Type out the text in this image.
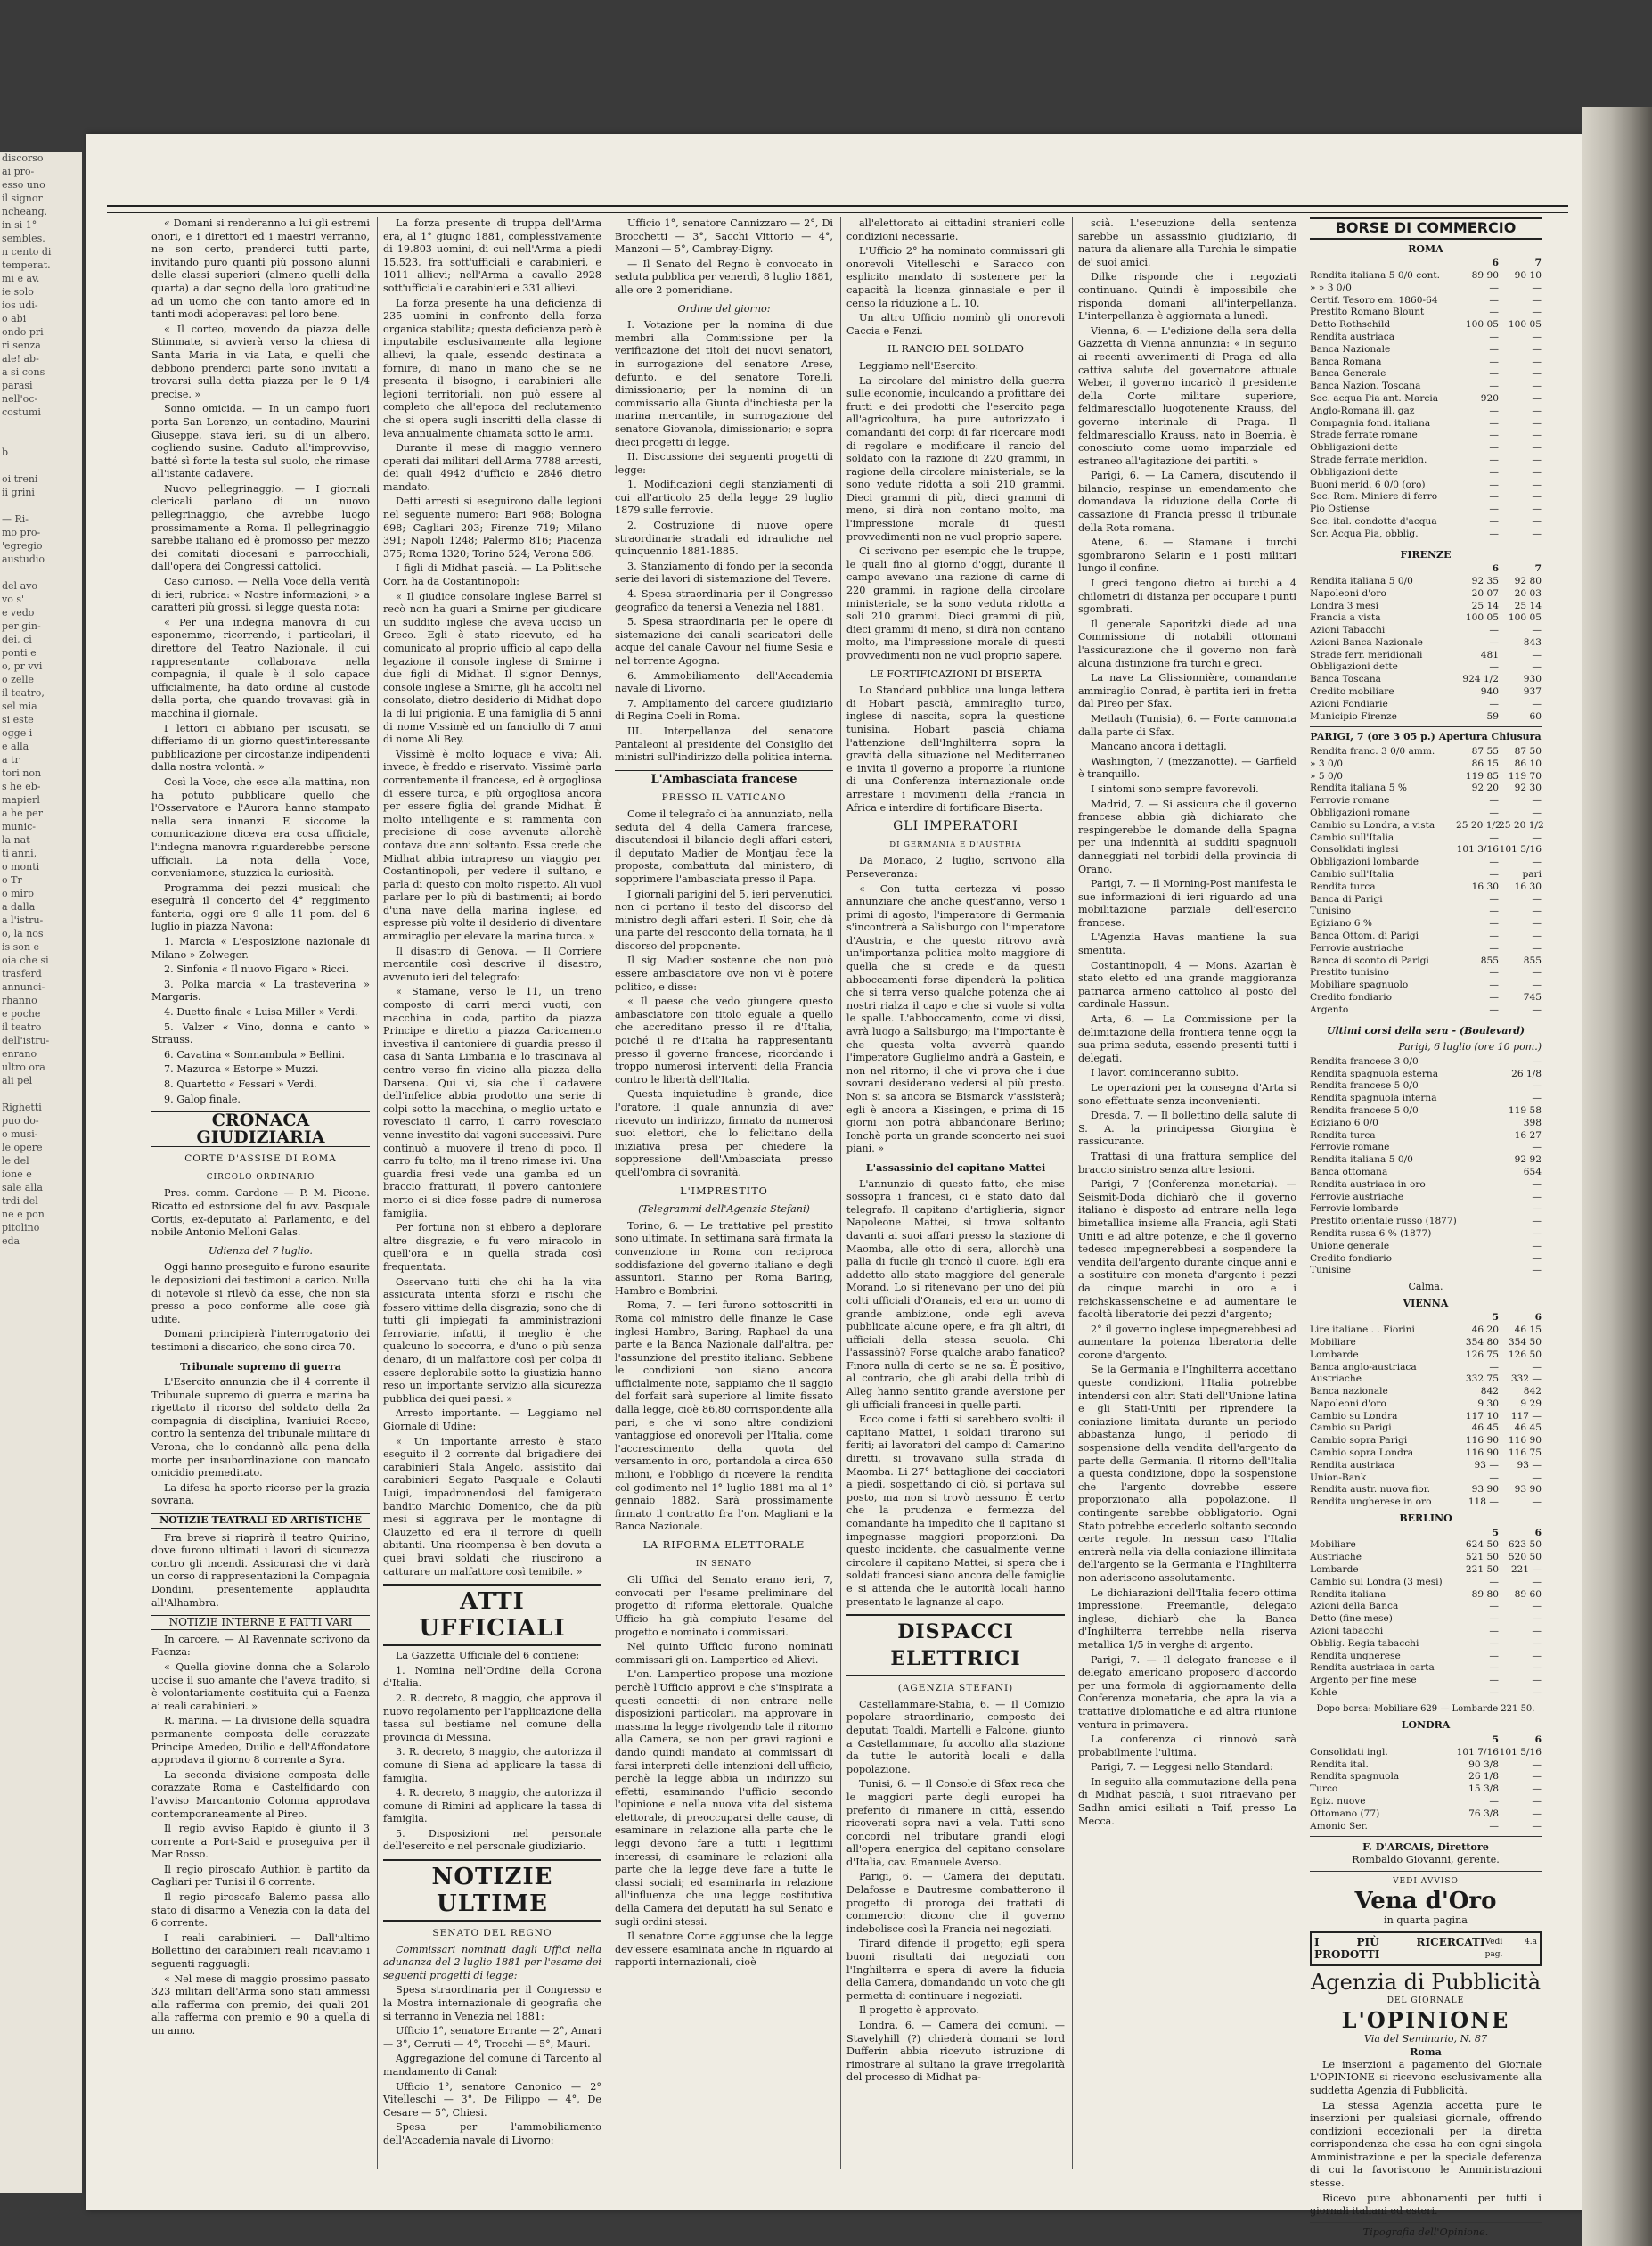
discorso
ai pro-
esso uno
il signor
ncheang.
in si 1°
sembles.
n cento di
temperat.
mi e av.
ie solo
ios udi-
o abi
ondo pri
ri senza
ale! ab-
a si cons
parasi
nell'oc-
costumi

b

oi treni
ii grini

— Ri-
mo pro-
'egregio
austudio

del avo
vo s'
e vedo
per gin-
dei, ci
ponti e
o, pr vvi
o zelle
il teatro,
sel mia
si este
ogge i
e alla
a tr
tori non
s he eb-
mapierl
a he per
munic-
la nat
ti anni,
o monti
o Tr
o miro
a dalla
a l'istru-
o, la nos
is son e
oia che si
trasferd
annunci-
rhanno
e poche
il teatro
dell'istru-
enrano
ultro ora
ali pel

Righetti
puo do-
o musi-
le opere
le del
ione e
sale alla
trdi del
ne e pon
pitolino
eda

« Domani si renderanno a lui gli estremi onori, e i direttori ed i maestri verranno, ne son certo, prenderci tutti parte, invitando puro quanti più possono alunni delle classi superiori (almeno quelli della quarta) a dar segno della loro gratitudine ad un uomo che con tanto amore ed in tanti modi adoperavasi pel loro bene.

« Il corteo, movendo da piazza delle Stimmate, si avvierà verso la chiesa di Santa Maria in via Lata, e quelli che debbono prenderci parte sono invitati a trovarsi sulla detta piazza per le 9 1/4 precise. »

Sonno omicida. — In un campo fuori porta San Lorenzo, un contadino, Maurini Giuseppe, stava ieri, su di un albero, cogliendo susine. Caduto all'improvviso, batté sì forte la testa sul suolo, che rimase all'istante cadavere.

Nuovo pellegrinaggio. — I giornali clericali parlano di un nuovo pellegrinaggio, che avrebbe luogo prossimamente a Roma. Il pellegrinaggio sarebbe italiano ed è promosso per mezzo dei comitati diocesani e parrocchiali, dall'opera dei Congressi cattolici.

Caso curioso. — Nella Voce della verità di ieri, rubrica: « Nostre informazioni, » a caratteri più grossi, si legge questa nota:

« Per una indegna manovra di cui esponemmo, ricorrendo, i particolari, il direttore del Teatro Nazionale, il cui rappresentante collaborava nella compagnia, il quale è il solo capace ufficialmente, ha dato ordine al custode della porta, che quando trovavasi già in macchina il giornale.

I lettori ci abbiano per iscusati, se differiamo di un giorno quest'interessante pubblicazione per circostanze indipendenti dalla nostra volontà. »

Così la Voce, che esce alla mattina, non ha potuto pubblicare quello che l'Osservatore e l'Aurora hanno stampato nella sera innanzi. E siccome la comunicazione diceva era cosa ufficiale, l'indegna manovra riguarderebbe persone ufficiali. La nota della Voce, conveniamone, stuzzica la curiosità.

Programma dei pezzi musicali che eseguirà il concerto del 4° reggimento fanteria, oggi ore 9 alle 11 pom. del 6 luglio in piazza Navona:

1. Marcia « L'esposizione nazionale di Milano » Zolweger.

2. Sinfonia « Il nuovo Figaro » Ricci.

3. Polka marcia « La trasteverina » Margaris.

4. Duetto finale « Luisa Miller » Verdi.

5. Valzer « Vino, donna e canto » Strauss.

6. Cavatina « Sonnambula » Bellini.

7. Mazurca « Estorpe » Muzzi.

8. Quartetto « Fessari » Verdi.

9. Galop finale.

CRONACA GIUDIZIARIA
CORTE D'ASSISE DI ROMA
CIRCOLO ORDINARIO

Pres. comm. Cardone — P. M. Picone. Ricatto ed estorsione del fu avv. Pasquale Cortis, ex-deputato al Parlamento, e del nobile Antonio Melloni Galas.

Udienza del 7 luglio.

Oggi hanno proseguito e furono esaurite le deposizioni dei testimoni a carico. Nulla di notevole si rilevò da esse, che non sia presso a poco conforme alle cose già udite.

Domani principierà l'interrogatorio dei testimoni a discarico, che sono circa 70.

Tribunale supremo di guerra

L'Esercito annunzia che il 4 corrente il Tribunale supremo di guerra e marina ha rigettato il ricorso del soldato della 2a compagnia di disciplina, Ivaniuici Rocco, contro la sentenza del tribunale militare di Verona, che lo condannò alla pena della morte per insubordinazione con mancato omicidio premeditato.

La difesa ha sporto ricorso per la grazia sovrana.

NOTIZIE TEATRALI ED ARTISTICHE

Fra breve si riaprirà il teatro Quirino, dove furono ultimati i lavori di sicurezza contro gli incendi. Assicurasi che vi darà un corso di rappresentazioni la Compagnia Dondini, presentemente applaudita all'Alhambra.

NOTIZIE INTERNE E FATTI VARI

In carcere. — Al Ravennate scrivono da Faenza:

« Quella giovine donna che a Solarolo uccise il suo amante che l'aveva tradito, si è volontariamente costituita qui a Faenza ai reali carabinieri. »

R. marina. — La divisione della squadra permanente composta delle corazzate Principe Amedeo, Duilio e dell'Affondatore approdava il giorno 8 corrente a Syra.

La seconda divisione composta delle corazzate Roma e Castelfidardo con l'avviso Marcantonio Colonna approdava contemporaneamente al Pireo.

Il regio avviso Rapido è giunto il 3 corrente a Port-Said e proseguiva per il Mar Rosso.

Il regio piroscafo Authion è partito da Cagliari per Tunisi il 6 corrente.

Il regio piroscafo Balemo passa allo stato di disarmo a Venezia con la data del 6 corrente.

I reali carabinieri. — Dall'ultimo Bollettino dei carabinieri reali ricaviamo i seguenti ragguagli:

« Nel mese di maggio prossimo passato 323 militari dell'Arma sono stati ammessi alla rafferma con premio, dei quali 201 alla rafferma con premio e 90 a quella di un anno.

La forza presente di truppa dell'Arma era, al 1° giugno 1881, complessivamente di 19.803 uomini, di cui nell'Arma a piedi 15.523, fra sott'ufficiali e carabinieri, e 1011 allievi; nell'Arma a cavallo 2928 sott'ufficiali e carabinieri e 331 allievi.

La forza presente ha una deficienza di 235 uomini in confronto della forza organica stabilita; questa deficienza però è imputabile esclusivamente alla legione allievi, la quale, essendo destinata a fornire, di mano in mano che se ne presenta il bisogno, i carabinieri alle legioni territoriali, non può essere al completo che all'epoca del reclutamento che si opera sugli inscritti della classe di leva annualmente chiamata sotto le armi.

Durante il mese di maggio vennero operati dai militari dell'Arma 7788 arresti, dei quali 4942 d'ufficio e 2846 dietro mandato.

Detti arresti si eseguirono dalle legioni nel seguente numero: Bari 968; Bologna 698; Cagliari 203; Firenze 719; Milano 391; Napoli 1248; Palermo 816; Piacenza 375; Roma 1320; Torino 524; Verona 586.

I figli di Midhat pascià. — La Politische Corr. ha da Costantinopoli:

« Il giudice consolare inglese Barrel si recò non ha guari a Smirne per giudicare un suddito inglese che aveva ucciso un Greco. Egli è stato ricevuto, ed ha comunicato al proprio ufficio al capo della legazione il console inglese di Smirne i due figli di Midhat. Il signor Dennys, console inglese a Smirne, gli ha accolti nel consolato, dietro desiderio di Midhat dopo la di lui prigionia. E una famiglia di 5 anni di nome Vissimè ed un fanciullo di 7 anni di nome Ali Bey.

Vissimè è molto loquace e viva; Ali, invece, è freddo e riservato. Vissimè parla correntemente il francese, ed è orgogliosa di essere turca, e più orgogliosa ancora per essere figlia del grande Midhat. È molto intelligente e si rammenta con precisione di cose avvenute allorchè contava due anni soltanto. Essa crede che Midhat abbia intrapreso un viaggio per Costantinopoli, per vedere il sultano, e parla di questo con molto rispetto. Ali vuol parlare per lo più di bastimenti; ai bordo d'una nave della marina inglese, ed espresse più volte il desiderio di diventare ammiraglio per elevare la marina turca. »

Il disastro di Genova. — Il Corriere mercantile così descrive il disastro, avvenuto ieri del telegrafo:

« Stamane, verso le 11, un treno composto di carri merci vuoti, con macchina in coda, partito da piazza Principe e diretto a piazza Caricamento investiva il cantoniere di guardia presso il casa di Santa Limbania e lo trascinava al centro verso fin vicino alla piazza della Darsena. Qui vi, sia che il cadavere dell'infelice abbia prodotto una serie di colpi sotto la macchina, o meglio urtato e rovesciato il carro, il carro rovesciato venne investito dai vagoni successivi. Pure continuò a muovere il treno di poco. Il carro fu tolto, ma il treno rimase ivi. Una guardia fresi vede una gamba ed un braccio fratturati, il povero cantoniere morto ci si dice fosse padre di numerosa famiglia.

Per fortuna non si ebbero a deplorare altre disgrazie, e fu vero miracolo in quell'ora e in quella strada così frequentata.

Osservano tutti che chi ha la vita assicurata intenta sforzi e rischi che fossero vittime della disgrazia; sono che di tutti gli impiegati fa amministrazioni ferroviarie, infatti, il meglio è che qualcuno lo soccorra, e d'uno o più senza denaro, di un malfattore così per colpa di essere deplorabile sotto la giustizia hanno reso un importante servizio alla sicurezza pubblica dei quei paesi. »

Arresto importante. — Leggiamo nel Giornale di Udine:

« Un importante arresto è stato eseguito il 2 corrente dal brigadiere dei carabinieri Stala Angelo, assistito dai carabinieri Segato Pasquale e Colauti Luigi, impadronendosi del famigerato bandito Marchio Domenico, che da più mesi si aggirava per le montagne di Clauzetto ed era il terrore di quelli abitanti. Una ricompensa è ben dovuta a quei bravi soldati che riuscirono a catturare un malfattore così temibile. »

ATTI UFFICIALI

La Gazzetta Ufficiale del 6 contiene:

1. Nomina nell'Ordine della Corona d'Italia.

2. R. decreto, 8 maggio, che approva il nuovo regolamento per l'applicazione della tassa sul bestiame nel comune della provincia di Messina.

3. R. decreto, 8 maggio, che autorizza il comune di Siena ad applicare la tassa di famiglia.

4. R. decreto, 8 maggio, che autorizza il comune di Rimini ad applicare la tassa di famiglia.

5. Disposizioni nel personale dell'esercito e nel personale giudiziario.

NOTIZIE ULTIME
SENATO DEL REGNO

Commissari nominati dagli Uffici nella adunanza del 2 luglio 1881 per l'esame dei seguenti progetti di legge:

Spesa straordinaria per il Congresso e la Mostra internazionale di geografia che si terranno in Venezia nel 1881:

Ufficio 1°, senatore Errante — 2°, Amari — 3°, Cerruti — 4°, Trocchi — 5°, Mauri.

Aggregazione del comune di Tarcento al mandamento di Canal:

Ufficio 1°, senatore Canonico — 2° Vitelleschi — 3°, De Filippo — 4°, De Cesare — 5°, Chiesi.

Spesa per l'ammobiliamento dell'Accademia navale di Livorno:

Ufficio 1°, senatore Cannizzaro — 2°, Di Brocchetti — 3°, Sacchi Vittorio — 4°, Manzoni — 5°, Cambray-Digny.

— Il Senato del Regno è convocato in seduta pubblica per venerdì, 8 luglio 1881, alle ore 2 pomeridiane.

Ordine del giorno:

I. Votazione per la nomina di due membri alla Commissione per la verificazione dei titoli dei nuovi senatori, in surrogazione del senatore Arese, defunto, e del senatore Torelli, dimissionario; per la nomina di un commissario alla Giunta d'inchiesta per la marina mercantile, in surrogazione del senatore Giovanola, dimissionario; e sopra dieci progetti di legge.

II. Discussione dei seguenti progetti di legge:

1. Modificazioni degli stanziamenti di cui all'articolo 25 della legge 29 luglio 1879 sulle ferrovie.

2. Costruzione di nuove opere straordinarie stradali ed idrauliche nel quinquennio 1881-1885.

3. Stanziamento di fondo per la seconda serie dei lavori di sistemazione del Tevere.

4. Spesa straordinaria per il Congresso geografico da tenersi a Venezia nel 1881.

5. Spesa straordinaria per le opere di sistemazione dei canali scaricatori delle acque del canale Cavour nel fiume Sesia e nel torrente Agogna.

6. Ammobiliamento dell'Accademia navale di Livorno.

7. Ampliamento del carcere giudiziario di Regina Coeli in Roma.

III. Interpellanza del senatore Pantaleoni al presidente del Consiglio dei ministri sull'indirizzo della politica interna.

L'Ambasciata francese
PRESSO IL VATICANO

Come il telegrafo ci ha annunziato, nella seduta del 4 della Camera francese, discutendosi il bilancio degli affari esteri, il deputato Madier de Montjau fece la proposta, combattuta dal ministero, di sopprimere l'ambasciata presso il Papa.

I giornali parigini del 5, ieri pervenutici, non ci portano il testo del discorso del ministro degli affari esteri. Il Soir, che dà una parte del resoconto della tornata, ha il discorso del proponente.

Il sig. Madier sostenne che non può essere ambasciatore ove non vi è potere politico, e disse:

« Il paese che vedo giungere questo ambasciatore con titolo eguale a quello che accreditano presso il re d'Italia, poiché il re d'Italia ha rappresentanti presso il governo francese, ricordando i troppo numerosi interventi della Francia contro le libertà dell'Italia.

Questa inquietudine è grande, dice l'oratore, il quale annunzia di aver ricevuto un indirizzo, firmato da numerosi suoi elettori, che lo felicitano della iniziativa presa per chiedere la soppressione dell'Ambasciata presso quell'ombra di sovranità.

L'IMPRESTITO
(Telegrammi dell'Agenzia Stefani)

Torino, 6. — Le trattative pel prestito sono ultimate. In settimana sarà firmata la convenzione in Roma con reciproca soddisfazione del governo italiano e degli assuntori. Stanno per Roma Baring, Hambro e Bombrini.

Roma, 7. — Ieri furono sottoscritti in Roma col ministro delle finanze le Case inglesi Hambro, Baring, Raphael da una parte e la Banca Nazionale dall'altra, per l'assunzione del prestito italiano. Sebbene le condizioni non siano ancora ufficialmente note, sappiamo che il saggio del forfait sarà superiore al limite fissato dalla legge, cioè 86,80 corrispondente alla pari, e che vi sono altre condizioni vantaggiose ed onorevoli per l'Italia, come l'accrescimento della quota del versamento in oro, portandola a circa 650 milioni, e l'obbligo di ricevere la rendita col godimento nel 1° luglio 1881 ma al 1° gennaio 1882. Sarà prossimamente firmato il contratto fra l'on. Magliani e la Banca Nazionale.

LA RIFORMA ELETTORALE
IN SENATO

Gli Uffici del Senato erano ieri, 7, convocati per l'esame preliminare del progetto di riforma elettorale. Qualche Ufficio ha già compiuto l'esame del progetto e nominato i commissari.

Nel quinto Ufficio furono nominati commissari gli on. Lampertico ed Alievi.

L'on. Lampertico propose una mozione perchè l'Ufficio approvi e che s'inspirata a questi concetti: di non entrare nelle disposizioni particolari, ma approvare in massima la legge rivolgendo tale il ritorno alla Camera, se non per gravi ragioni e dando quindi mandato ai commissari di farsi interpreti delle intenzioni dell'ufficio, perchè la legge abbia un indirizzo sui effetti, esaminando l'ufficio secondo l'opinione e nella nuova vita del sistema elettorale, di preoccuparsi delle cause, di esaminare in relazione alla parte che le leggi devono fare a tutti i legittimi interessi, di esaminare le relazioni alla parte che la legge deve fare a tutte le classi sociali; ed esaminarla in relazione all'influenza che una legge costitutiva della Camera dei deputati ha sul Senato e sugli ordini stessi.

Il senatore Corte aggiunse che la legge dev'essere esaminata anche in riguardo ai rapporti internazionali, cioè

all'elettorato ai cittadini stranieri colle condizioni necessarie.

L'Ufficio 2° ha nominato commissari gli onorevoli Vitelleschi e Saracco con esplicito mandato di sostenere per la capacità la licenza ginnasiale e per il censo la riduzione a L. 10.

Un altro Ufficio nominò gli onorevoli Caccia e Fenzi.

IL RANCIO DEL SOLDATO

Leggiamo nell'Esercito:

La circolare del ministro della guerra sulle economie, inculcando a profittare dei frutti e dei prodotti che l'esercito paga all'agricoltura, ha pure autorizzato i comandanti dei corpi di far ricercare modi di regolare e modificare il rancio del soldato con la razione di 220 grammi, in ragione della circolare ministeriale, se la sono vedute ridotta a soli 210 grammi. Dieci grammi di più, dieci grammi di meno, si dirà non contano molto, ma l'impressione morale di questi provvedimenti non ne vuol proprio sapere.

Ci scrivono per esempio che le truppe, le quali fino al giorno d'oggi, durante il campo avevano una razione di carne di 220 grammi, in ragione della circolare ministeriale, se la sono veduta ridotta a soli 210 grammi. Dieci grammi di più, dieci grammi di meno, si dirà non contano molto, ma l'impressione morale di questi provvedimenti non ne vuol proprio sapere.

LE FORTIFICAZIONI DI BISERTA

Lo Standard pubblica una lunga lettera di Hobart pascià, ammiraglio turco, inglese di nascita, sopra la questione tunisina. Hobart pascià chiama l'attenzione dell'Inghilterra sopra la gravità della situazione nel Mediterraneo e invita il governo a proporre la riunione di una Conferenza internazionale onde arrestare i movimenti della Francia in Africa e interdire di fortificare Biserta.

GLI IMPERATORI
DI GERMANIA E D'AUSTRIA

Da Monaco, 2 luglio, scrivono alla Perseveranza:

« Con tutta certezza vi posso annunziare che anche quest'anno, verso i primi di agosto, l'imperatore di Germania s'incontrerà a Salisburgo con l'imperatore d'Austria, e che questo ritrovo avrà un'importanza politica molto maggiore di quella che si crede e da questi abboccamenti forse dipenderà la politica che si terrà verso qualche potenza che ai nostri rialza il capo e che si vuole si volta le spalle. L'abboccamento, come vi dissi, avrà luogo a Salisburgo; ma l'importante è che questa volta avverrà quando l'imperatore Guglielmo andrà a Gastein, e non nel ritorno; il che vi prova che i due sovrani desiderano vedersi al più presto. Non si sa ancora se Bismarck v'assisterà; egli è ancora a Kissingen, e prima di 15 giorni non potrà abbandonare Berlino; Ionchè porta un grande sconcerto nei suoi piani. »

L'assassinio del capitano Mattei

L'annunzio di questo fatto, che mise sossopra i francesi, ci è stato dato dal telegrafo. Il capitano d'artiglieria, signor Napoleone Mattei, si trova soltanto davanti ai suoi affari presso la stazione di Maomba, alle otto di sera, allorchè una palla di fucile gli troncò il cuore. Egli era addetto allo stato maggiore del generale Morand. Lo si ritenevano per uno dei più colti ufficiali d'Oranais, ed era un uomo di grande ambizione, onde egli aveva pubblicate alcune opere, e fra gli altri, di ufficiali della stessa scuola. Chi l'assassinò? Forse qualche arabo fanatico? Finora nulla di certo se ne sa. È positivo, al contrario, che gli arabi della tribù di Alleg hanno sentito grande aversione per gli ufficiali francesi in quelle parti.

Ecco come i fatti si sarebbero svolti: il capitano Mattei, i soldati tirarono sui feriti; ai lavoratori del campo di Camarino diretti, si trovavano sulla strada di Maomba. Li 27° battaglione dei cacciatori a piedi, sospettando di ciò, si portava sul posto, ma non si trovò nessuno. È certo che la prudenza e fermezza del comandante ha impedito che il capitano si impegnasse maggiori proporzioni. Da questo incidente, che casualmente venne circolare il capitano Mattei, si spera che i soldati francesi siano ancora delle famiglie e si attenda che le autorità locali hanno presentato le lagnanze al capo.

DISPACCI ELETTRICI
(AGENZIA STEFANI)

Castellammare-Stabia, 6. — Il Comizio popolare straordinario, composto dei deputati Toaldi, Martelli e Falcone, giunto a Castellammare, fu accolto alla stazione da tutte le autorità locali e dalla popolazione.

Tunisi, 6. — Il Console di Sfax reca che le maggiori parte degli europei ha preferito di rimanere in città, essendo ricoverati sopra navi a vela. Tutti sono concordi nel tributare grandi elogi all'opera energica del capitano consolare d'Italia, cav. Emanuele Averso.

Parigi, 6. — Camera dei deputati. Delafosse e Dautresme combatterono il progetto di proroga dei trattati di commercio: dicono che il governo indebolisce così la Francia nei negoziati.

Tirard difende il progetto; egli spera buoni risultati dai negoziati con l'Inghilterra e spera di avere la fiducia della Camera, domandando un voto che gli permetta di continuare i negoziati.

Il progetto è approvato.

Londra, 6. — Camera dei comuni. — Stavelyhill (?) chiederà domani se lord Dufferin abbia ricevuto istruzione di rimostrare al sultano la grave irregolarità del processo di Midhat pa-

scià. L'esecuzione della sentenza sarebbe un assassinio giudiziario, di natura da alienare alla Turchia le simpatie de' suoi amici.

Dilke risponde che i negoziati continuano. Quindi è impossibile che risponda domani all'interpellanza. L'interpellanza è aggiornata a lunedì.

Vienna, 6. — L'edizione della sera della Gazzetta di Vienna annunzia: « In seguito ai recenti avvenimenti di Praga ed alla cattiva salute del governatore attuale Weber, il governo incaricò il presidente della Corte militare superiore, feldmaresciallo luogotenente Krauss, del governo interinale di Praga. Il feldmaresciallo Krauss, nato in Boemia, è conosciuto come uomo imparziale ed estraneo all'agitazione dei partiti. »

Parigi, 6. — La Camera, discutendo il bilancio, respinse un emendamento che domandava la riduzione della Corte di cassazione di Francia presso il tribunale della Rota romana.

Atene, 6. — Stamane i turchi sgombrarono Selarin e i posti militari lungo il confine.

I greci tengono dietro ai turchi a 4 chilometri di distanza per occupare i punti sgombrati.

Il generale Saporitzki diede ad una Commissione di notabili ottomani l'assicurazione che il governo non farà alcuna distinzione fra turchi e greci.

La nave La Glissionnière, comandante ammiraglio Conrad, è partita ieri in fretta dal Pireo per Sfax.

Metlaoh (Tunisia), 6. — Forte cannonata dalla parte di Sfax.

Mancano ancora i dettagli.

Washington, 7 (mezzanotte). — Garfield è tranquillo.

I sintomi sono sempre favorevoli.

Madrid, 7. — Si assicura che il governo francese abbia già dichiarato che respingerebbe le domande della Spagna per una indennità ai sudditi spagnuoli danneggiati nel torbidi della provincia di Orano.

Parigi, 7. — Il Morning-Post manifesta le sue informazioni di ieri riguardo ad una mobilitazione parziale dell'esercito francese.

L'Agenzia Havas mantiene la sua smentita.

Costantinopoli, 4 — Mons. Azarian è stato eletto ed una grande maggioranza patriarca armeno cattolico al posto del cardinale Hassun.

Arta, 6. — La Commissione per la delimitazione della frontiera tenne oggi la sua prima seduta, essendo presenti tutti i delegati.

I lavori cominceranno subito.

Le operazioni per la consegna d'Arta si sono effettuate senza inconvenienti.

Dresda, 7. — Il bollettino della salute di S. A. la principessa Giorgina è rassicurante.

Trattasi di una frattura semplice del braccio sinistro senza altre lesioni.

Parigi, 7 (Conferenza monetaria). — Seismit-Doda dichiarò che il governo italiano è disposto ad entrare nella lega bimetallica insieme alla Francia, agli Stati Uniti e ad altre potenze, e che il governo tedesco impegnerebbesi a sospendere la vendita dell'argento durante cinque anni e a sostituire con moneta d'argento i pezzi da cinque marchi in oro e i reichskassenscheine e ad aumentare le facoltà liberatorie dei pezzi d'argento;

2° il governo inglese impegnerebbesi ad aumentare la potenza liberatoria delle corone d'argento.

Se la Germania e l'Inghilterra accettano queste condizioni, l'Italia potrebbe intendersi con altri Stati dell'Unione latina e gli Stati-Uniti per riprendere la coniazione limitata durante un periodo abbastanza lungo, il periodo di sospensione della vendita dell'argento da parte della Germania. Il ritorno dell'Italia a questa condizione, dopo la sospensione che l'argento dovrebbe essere proporzionato alla popolazione. Il contingente sarebbe obbligatorio. Ogni Stato potrebbe eccederlo soltanto secondo certe regole. In nessun caso l'Italia entrerà nella via della coniazione illimitata dell'argento se la Germania e l'Inghilterra non aderiscono assolutamente.

Le dichiarazioni dell'Italia fecero ottima impressione. Freemantle, delegato inglese, dichiarò che la Banca d'Inghilterra terrebbe nella riserva metallica 1/5 in verghe di argento.

Parigi, 7. — Il delegato francese e il delegato americano proposero d'accordo per una formola di aggiornamento della Conferenza monetaria, che apra la via a trattative diplomatiche e ad altra riunione ventura in primavera.

La conferenza ci rinnovò sarà probabilmente l'ultima.

Parigi, 7. — Leggesi nello Standard:

In seguito alla commutazione della pena di Midhat pascià, i suoi ritraevano per Sadhn amici esiliati a Taif, presso La Mecca.

BORSE DI COMMERCIO
ROMA
6	7
Rendita italiana 5 0/0 cont.	89 90	90 10
» » 3 0/0	—	—
Certif. Tesoro em. 1860-64	—	—
Prestito Romano Blount	—	—
Detto Rothschild	100 05	100 05
Rendita austriaca	—	—
Banca Nazionale	—	—
Banca Romana	—	—
Banca Generale	—	—
Banca Nazion. Toscana	—	—
Soc. acqua Pia ant. Marcia	920	—
Anglo-Romana ill. gaz	—	—
Compagnia fond. italiana	—	—
Strade ferrate romane	—	—
Obbligazioni dette	—	—
Strade ferrate meridion.	—	—
Obbligazioni dette	—	—
Buoni merid. 6 0/0 (oro)	—	—
Soc. Rom. Miniere di ferro	—	—
Pio Ostiense	—	—
Soc. ital. condotte d'acqua	—	—
Sor. Acqua Pia, obblig.	—	—
FIRENZE
6	7
Rendita italiana 5 0/0	92 35	92 80
Napoleoni d'oro	20 07	20 03
Londra 3 mesi	25 14	25 14
Francia a vista	100 05	100 05
Azioni Tabacchi	—	—
Azioni Banca Nazionale	—	843
Strade ferr. meridionali	481	—
Obbligazioni dette	—	—
Banca Toscana	924 1/2	930
Credito mobiliare	940	937
Azioni Fondiarie	—	—
Municipio Firenze	59	60
PARIGI, 7 (ore 3 05 p.) Apertura Chiusura
Rendita franc. 3 0/0 amm.	87 55	87 50
» 3 0/0	86 15	86 10
» 5 0/0	119 85	119 70
Rendita italiana 5 %	92 20	92 30
Ferrovie romane	—	—
Obbligazioni romane	—	—
Cambio su Londra, a vista	25 20 1/2
25 20 1/2
Cambio sull'Italia	—	—
Consolidati inglesi	101 3/16 101 5/16
Obbligazioni lombarde	—	—
Cambio sull'Italia	—	pari
Rendita turca	16 30	16 30
Banca di Parigi	—	—
Tunisino	—	—
Egiziano 6 %	—	—
Banca Ottom. di Parigi	—	—
Ferrovie austriache	—	—
Banca di sconto di Parigi	855	855
Prestito tunisino	—	—
Mobiliare spagnuolo	—	—
Credito fondiario	—	745
Argento	—	—
Ultimi corsi della sera - (Boulevard)
Parigi, 6 luglio (ore 10 pom.)
Rendita francese 3 0/0	—
Rendita spagnuola esterna	26 1/8
Rendita francese 5 0/0	—
Rendita spagnuola interna	—
Rendita francese 5 0/0	119 58
Egiziano 6 0/0	398
Rendita turca	16 27
Ferrovie romane	—
Rendita italiana 5 0/0	92 92
Banca ottomana	654
Rendita austriaca in oro	—
Ferrovie austriache	—
Ferrovie lombarde	—
Prestito orientale russo (1877)	—
Rendita russa 6 % (1877)	—
Unione generale	—
Credito fondiario	—
Tunisine	—
Calma.
VIENNA
5	6
Lire italiane . . Fiorini	46 20	46 15
Mobiliare	354 80	354 50
Lombarde	126 75	126 50
Banca anglo-austriaca	—	—
Austriache	332 75	332 —
Banca nazionale	842	842
Napoleoni d'oro	9 30	9 29
Cambio su Londra	117 10	117 —
Cambio su Parigi	46 45	46 45
Cambio sopra Parigi	116 90	116 90
Cambio sopra Londra	116 90	116 75
Rendita austriaca	93 —	93 —
Union-Bank	—	—
Rendita austr. nuova fior.	93 90	93 90
Rendita ungherese in oro	118 —	—
BERLINO
5	6
Mobiliare	624 50	623 50
Austriache	521 50	520 50
Lombarde	221 50	221 —
Cambio sul Londra (3 mesi)	—	—
Rendita italiana	89 80	89 60
Azioni della Banca	—	—
Detto (fine mese)	—	—
Azioni tabacchi	—	—
Obblig. Regia tabacchi	—	—
Rendita ungherese	—	—
Rendita austriaca in carta	—	—
Argento per fine mese	—	—
Kohle	—	—
Dopo borsa: Mobiliare 629 — Lombarde 221 50.
LONDRA
5	6
Consolidati ingl.	101 7/16 101 5/16
Rendita ital.	90 3/8	—
Rendita spagnuola	26 1/8	—
Turco	15 3/8	—
Egiz. nuove	—	—
Ottomano (77)	76 3/8	—
Amonio Ser.	—	—
F. D'ARCAIS, Direttore
Rombaldo Giovanni, gerente.
VEDI AVVISO
Vena d'Oro
in quarta pagina
I PIÙ RICERCATI PRODOTTI
Vedi 4.a pag.
Agenzia di Pubblicità
DEL GIORNALE
L'OPINIONE
Via del Seminario, N. 87
Roma

Le inserzioni a pagamento del Giornale L'OPINIONE si ricevono esclusivamente alla suddetta Agenzia di Pubblicità.

La stessa Agenzia accetta pure le inserzioni per qualsiasi giornale, offrendo condizioni eccezionali per la diretta corrispondenza che essa ha con ogni singola Amministrazione e per la speciale deferenza di cui la favoriscono le Amministrazioni stesse.

Ricevo pure abbonamenti per tutti i giornali italiani ed esteri.

Tipografia dell'Opinione.
